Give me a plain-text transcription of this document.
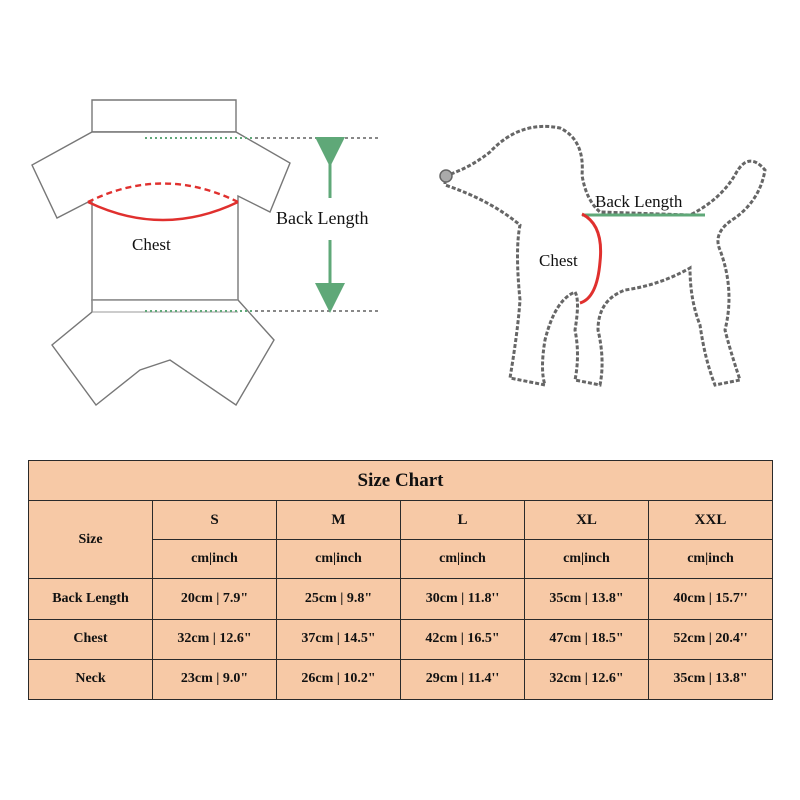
Chest
Back Length
Chest
Back Length
Size Chart					
Size	S	M	L	XL	XXL
	cm|inch	cm|inch	cm|inch	cm|inch	cm|inch
Back Length	20cm | 7.9"	25cm | 9.8"	30cm | 11.8''	35cm | 13.8"	40cm | 15.7''
Chest	32cm | 12.6"	37cm | 14.5"	42cm | 16.5"	47cm | 18.5"	52cm | 20.4''
Neck	23cm | 9.0"	26cm | 10.2"	29cm | 11.4''	32cm | 12.6"	35cm | 13.8"
